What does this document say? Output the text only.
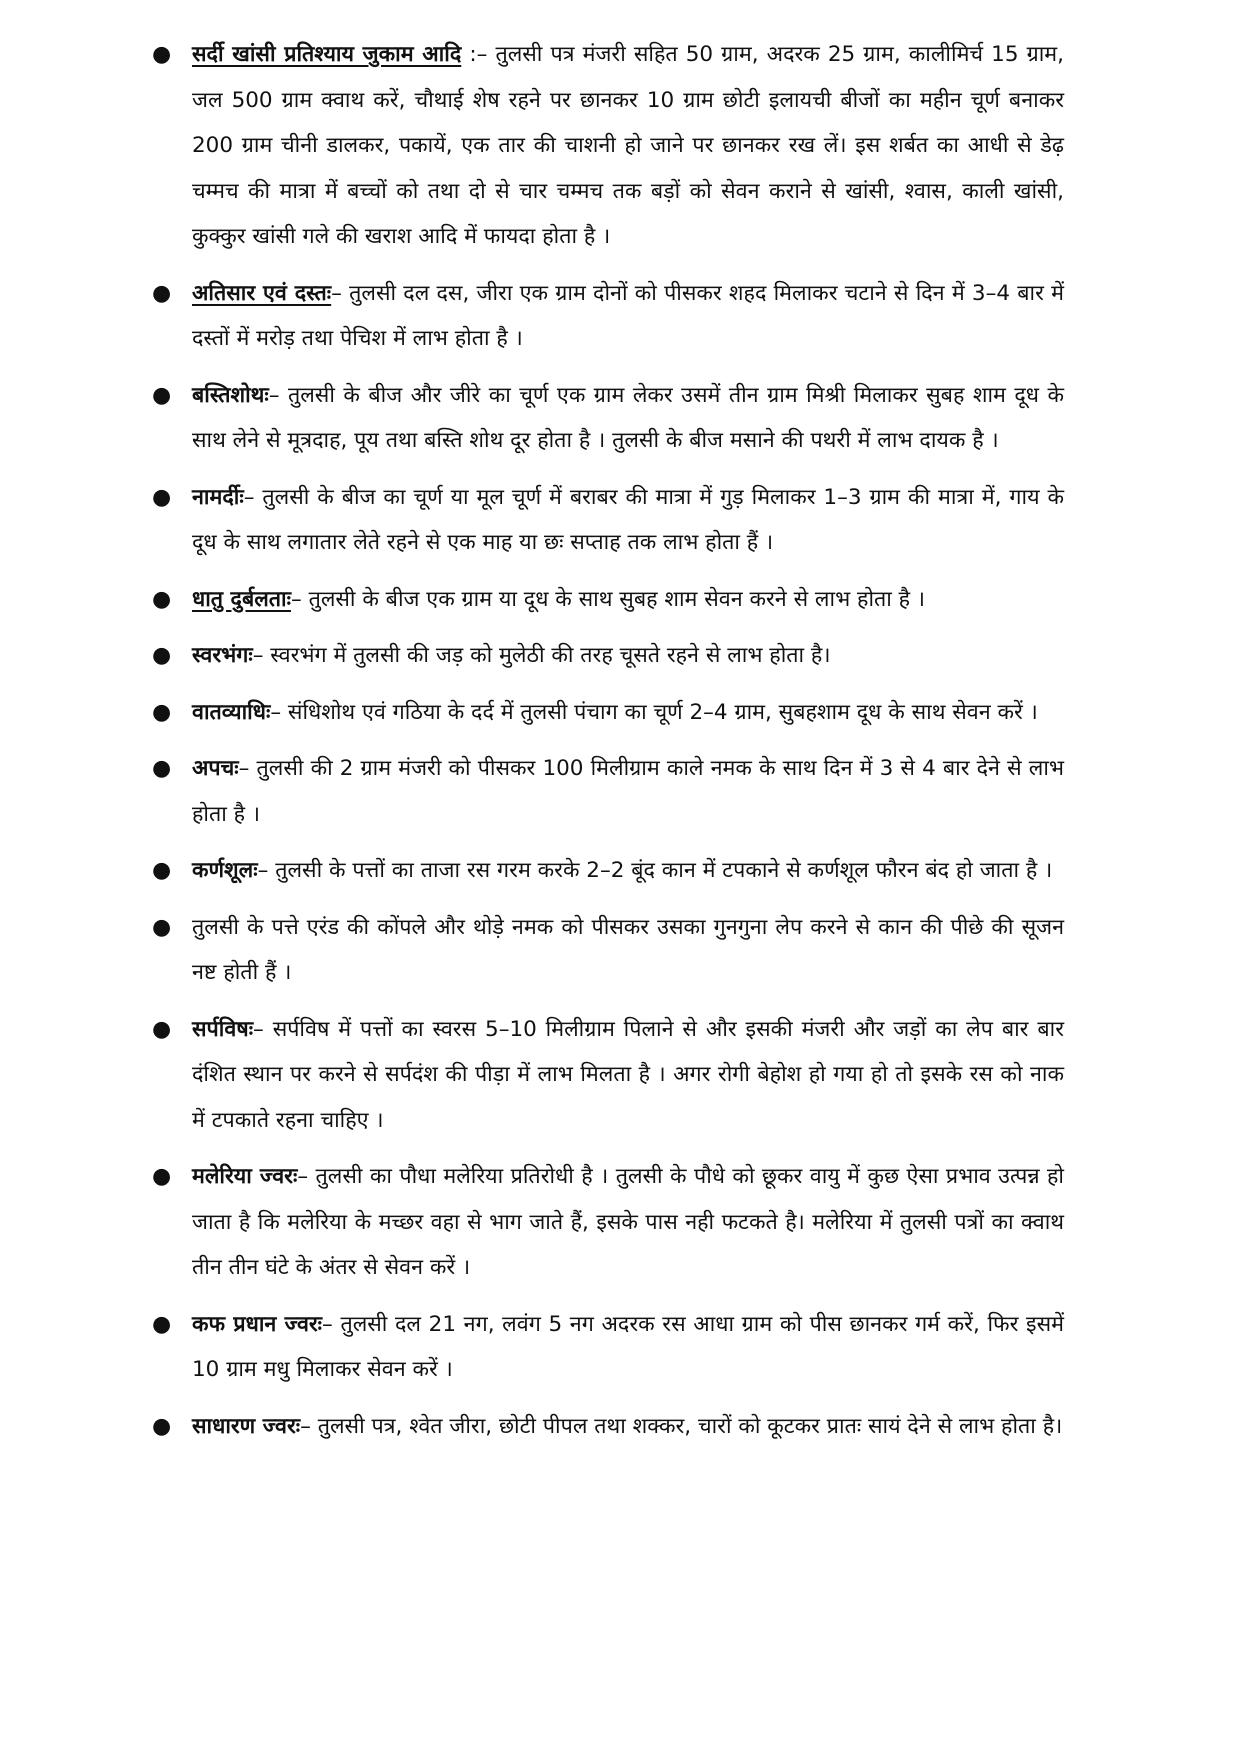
● सर्दी खांसी प्रतिश्याय जुकाम आदि :– तुलसी पत्र मंजरी सहित 50 ग्राम, अदरक 25 ग्राम, कालीमिर्च 15 ग्राम, जल 500 ग्राम क्वाथ करें, चौथाई शेष रहने पर छानकर 10 ग्राम छोटी इलायची बीजों का महीन चूर्ण बनाकर 200 ग्राम चीनी डालकर, पकायें, एक तार की चाशनी हो जाने पर छानकर रख लें। इस शर्बत का आधी से डेढ़ चम्मच की मात्रा में बच्चों को तथा दो से चार चम्मच तक बड़ों को सेवन कराने से खांसी, श्वास, काली खांसी, कुक्कुर खांसी गले की खराश आदि में फायदा होता है ।
● अतिसार एवं दस्तः– तुलसी दल दस, जीरा एक ग्राम दोनों को पीसकर शहद मिलाकर चटाने से दिन में 3–4 बार में दस्तों में मरोड़ तथा पेचिश में लाभ होता है ।
● बस्तिशोथः– तुलसी के बीज और जीरे का चूर्ण एक ग्राम लेकर उसमें तीन ग्राम मिश्री मिलाकर सुबह शाम दूध के साथ लेने से मूत्रदाह, पूय तथा बस्ति शोथ दूर होता है । तुलसी के बीज मसाने की पथरी में लाभ दायक है ।
● नामर्दीः– तुलसी के बीज का चूर्ण या मूल चूर्ण में बराबर की मात्रा में गुड़ मिलाकर 1–3 ग्राम की मात्रा में, गाय के दूध के साथ लगातार लेते रहने से एक माह या छः सप्ताह तक लाभ होता हैं ।
● धातु दुर्बलताः– तुलसी के बीज एक ग्राम या दूध के साथ सुबह शाम सेवन करने से लाभ होता है ।
● स्वरभंगः– स्वरभंग में तुलसी की जड़ को मुलेठी की तरह चूसते रहने से लाभ होता है।
● वातव्याधिः– संधिशोथ एवं गठिया के दर्द में तुलसी पंचाग का चूर्ण 2–4 ग्राम, सुबहशाम दूध के साथ सेवन करें ।
● अपचः– तुलसी की 2 ग्राम मंजरी को पीसकर 100 मिलीग्राम काले नमक के साथ दिन में 3 से 4 बार देने से लाभ होता है ।
● कर्णशूलः– तुलसी के पत्तों का ताजा रस गरम करके 2–2 बूंद कान में टपकाने से कर्णशूल फौरन बंद हो जाता है ।
● तुलसी के पत्ते एरंड की कोंपले और थोड़े नमक को पीसकर उसका गुनगुना लेप करने से कान की पीछे की सूजन नष्ट होती हैं ।
● सर्पविषः– सर्पविष में पत्तों का स्वरस 5–10 मिलीग्राम पिलाने से और इसकी मंजरी और जड़ों का लेप बार बार दंशित स्थान पर करने से सर्पदंश की पीड़ा में लाभ मिलता है । अगर रोगी बेहोश हो गया हो तो इसके रस को नाक में टपकाते रहना चाहिए ।
● मलेरिया ज्वरः– तुलसी का पौधा मलेरिया प्रतिरोधी है । तुलसी के पौधे को छूकर वायु में कुछ ऐसा प्रभाव उत्पन्न हो जाता है कि मलेरिया के मच्छर वहा से भाग जाते हैं, इसके पास नही फटकते है। मलेरिया में तुलसी पत्रों का क्वाथ तीन तीन घंटे के अंतर से सेवन करें ।
● कफ प्रधान ज्वरः– तुलसी दल 21 नग, लवंग 5 नग अदरक रस आधा ग्राम को पीस छानकर गर्म करें, फिर इसमें 10 ग्राम मधु मिलाकर सेवन करें ।
● साधारण ज्वरः– तुलसी पत्र, श्वेत जीरा, छोटी पीपल तथा शक्कर, चारों को कूटकर प्रातः सायं देने से लाभ होता है।
